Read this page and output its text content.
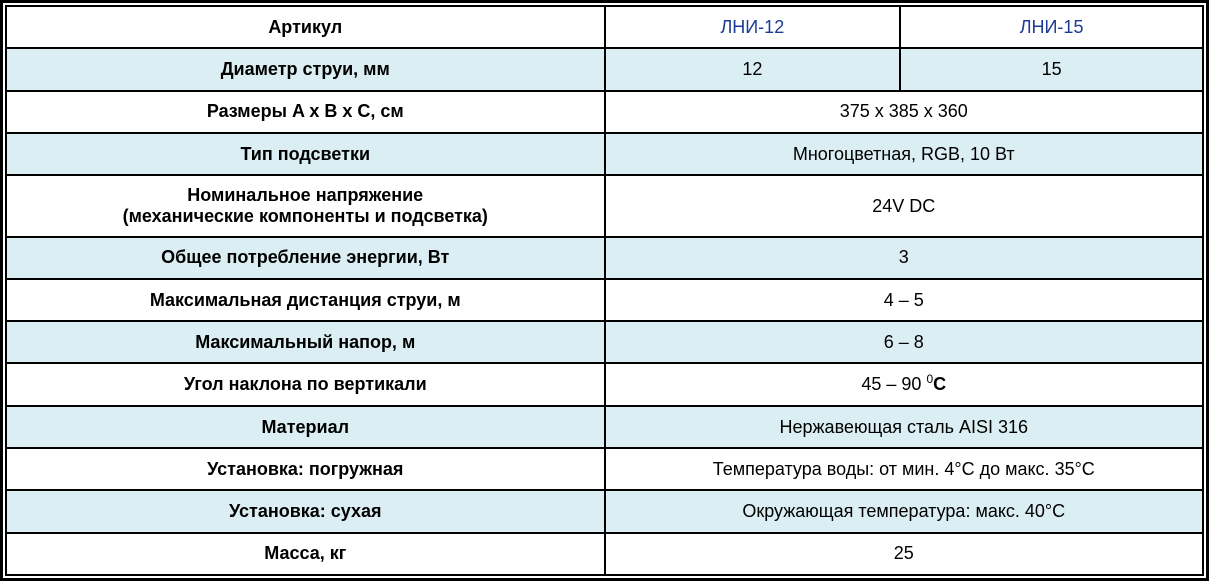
Артикул	ЛНИ-12	ЛНИ-15
Диаметр струи, мм	12	15
Размеры A x B x C, см	375 x 385 x 360	
Тип подсветки	Многоцветная, RGB, 10 Вт	

Номинальное напряжение
(механические компоненты и подсветка)	24V DC	
Общее потребление энергии, Вт	3	
Максимальная дистанция струи, м	4 – 5	
Максимальный напор, м	6 – 8	
Угол наклона по вертикали	45 – 90 $^0$С	
Материал	Нержавеющая сталь AISI 316	
Установка: погружная	Температура воды: от мин. 4°С до макс. 35°С	
Установка: сухая	Окружающая температура: макс. 40°С	
Масса, кг	25	
